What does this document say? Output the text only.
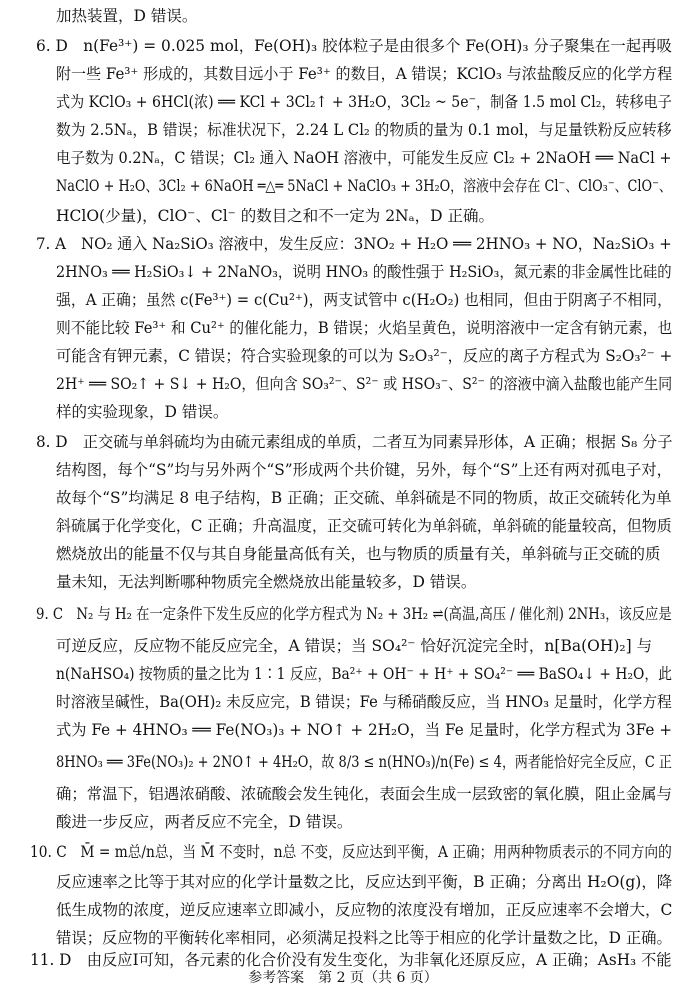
加热装置，D 错误。
6. D　n(Fe³⁺) = 0.025 mol，Fe(OH)₃ 胶体粒子是由很多个 Fe(OH)₃ 分子聚集在一起再吸
附一些 Fe³⁺ 形成的，其数目远小于 Fe³⁺ 的数目，A 错误；KClO₃ 与浓盐酸反应的化学方程
式为 KClO₃ + 6HCl(浓) ══ KCl + 3Cl₂↑ + 3H₂O，3Cl₂ ~ 5e⁻，制备 1.5 mol Cl₂，转移电子
数为 2.5Nₐ，B 错误；标准状况下，2.24 L Cl₂ 的物质的量为 0.1 mol，与足量铁粉反应转移
电子数为 0.2Nₐ，C 错误；Cl₂ 通入 NaOH 溶液中，可能发生反应 Cl₂ + 2NaOH ══ NaCl +
NaClO + H₂O、3Cl₂ + 6NaOH ═△═ 5NaCl + NaClO₃ + 3H₂O，溶液中会存在 Cl⁻、ClO₃⁻、ClO⁻、
HClO(少量)，ClO⁻、Cl⁻ 的数目之和不一定为 2Nₐ，D 正确。
7. A　NO₂ 通入 Na₂SiO₃ 溶液中，发生反应：3NO₂ + H₂O ══ 2HNO₃ + NO，Na₂SiO₃ +
2HNO₃ ══ H₂SiO₃↓ + 2NaNO₃，说明 HNO₃ 的酸性强于 H₂SiO₃，氮元素的非金属性比硅的
强，A 正确；虽然 c(Fe³⁺) = c(Cu²⁺)，两支试管中 c(H₂O₂) 也相同，但由于阴离子不相同，
则不能比较 Fe³⁺ 和 Cu²⁺ 的催化能力，B 错误；火焰呈黄色，说明溶液中一定含有钠元素，也
可能含有钾元素，C 错误；符合实验现象的可以为 S₂O₃²⁻，反应的离子方程式为 S₂O₃²⁻ +
2H⁺ ══ SO₂↑ + S↓ + H₂O，但向含 SO₃²⁻、S²⁻ 或 HSO₃⁻、S²⁻ 的溶液中滴入盐酸也能产生同
样的实验现象，D 错误。
8. D　正交硫与单斜硫均为由硫元素组成的单质，二者互为同素异形体，A 正确；根据 S₈ 分子
结构图，每个“S”均与另外两个“S”形成两个共价键，另外，每个“S”上还有两对孤电子对，
故每个“S”均满足 8 电子结构，B 正确；正交硫、单斜硫是不同的物质，故正交硫转化为单
斜硫属于化学变化，C 正确；升高温度，正交硫可转化为单斜硫，单斜硫的能量较高，但物质
燃烧放出的能量不仅与其自身能量高低有关，也与物质的质量有关，单斜硫与正交硫的质
量未知，无法判断哪种物质完全燃烧放出能量较多，D 错误。
9. C　N₂ 与 H₂ 在一定条件下发生反应的化学方程式为 N₂ + 3H₂ ⇌(高温,高压 / 催化剂) 2NH₃，该反应是
可逆反应，反应物不能反应完全，A 错误；当 SO₄²⁻ 恰好沉淀完全时，n[Ba(OH)₂] 与
n(NaHSO₄) 按物质的量之比为 1∶1 反应，Ba²⁺ + OH⁻ + H⁺ + SO₄²⁻ ══ BaSO₄↓ + H₂O，此
时溶液呈碱性，Ba(OH)₂ 未反应完，B 错误；Fe 与稀硝酸反应，当 HNO₃ 足量时，化学方程
式为 Fe + 4HNO₃ ══ Fe(NO₃)₃ + NO↑ + 2H₂O，当 Fe 足量时，化学方程式为 3Fe +
8HNO₃ ══ 3Fe(NO₃)₂ + 2NO↑ + 4H₂O，故 8/3 ≤ n(HNO₃)/n(Fe) ≤ 4，两者能恰好完全反应，C 正
确；常温下，铝遇浓硝酸、浓硫酸会发生钝化，表面会生成一层致密的氧化膜，阻止金属与
酸进一步反应，两者反应不完全，D 错误。
10. C　M̄ = m总/n总，当 M̄ 不变时，n总 不变，反应达到平衡，A 正确；用两种物质表示的不同方向的
反应速率之比等于其对应的化学计量数之比，反应达到平衡，B 正确；分离出 H₂O(g)，降
低生成物的浓度，逆反应速率立即减小，反应物的浓度没有增加，正反应速率不会增大，C
错误；反应物的平衡转化率相同，必须满足投料之比等于相应的化学计量数之比，D 正确。
11. D　由反应Ⅰ可知，各元素的化合价没有发生变化，为非氧化还原反应，A 正确；AsH₃ 不能
参考答案　第 2 页（共 6 页）
